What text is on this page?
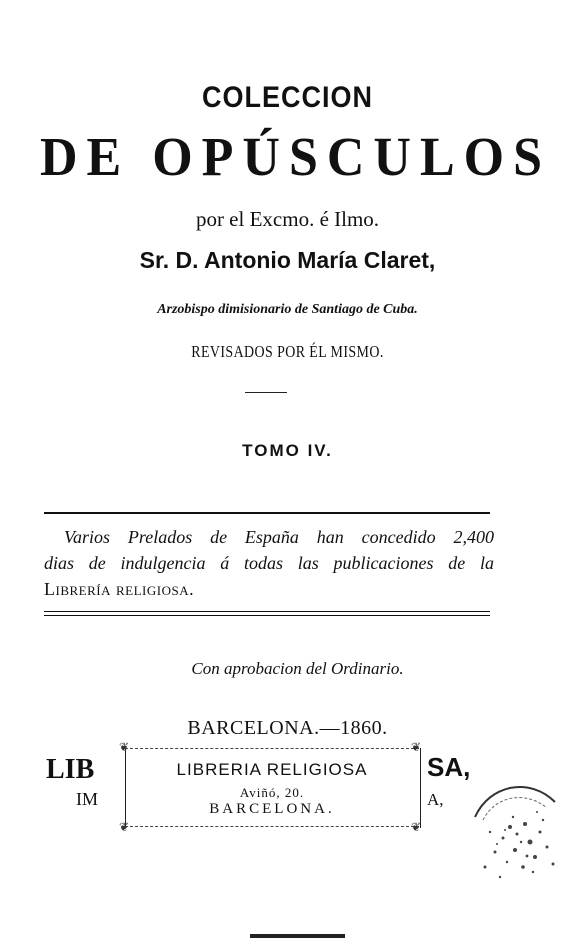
COLECCION
DE OPÚSCULOS
por el Excmo. é Ilmo.
Sr. D. Antonio María Claret,
Arzobispo dimisionario de Santiago de Cuba.
REVISADOS POR ÉL MISMO.
TOMO IV.
Varios Prelados de España han concedido 2,400
dias de indulgencia á todas las publicaciones de la
Librería religiosa.
Con aprobacion del Ordinario.
BARCELONA.—1860.
LIB
IM
SA,
A,
❦	❦
❦	❦
LIBRERIA RELIGIOSA
Aviñó, 20.
BARCELONA.
